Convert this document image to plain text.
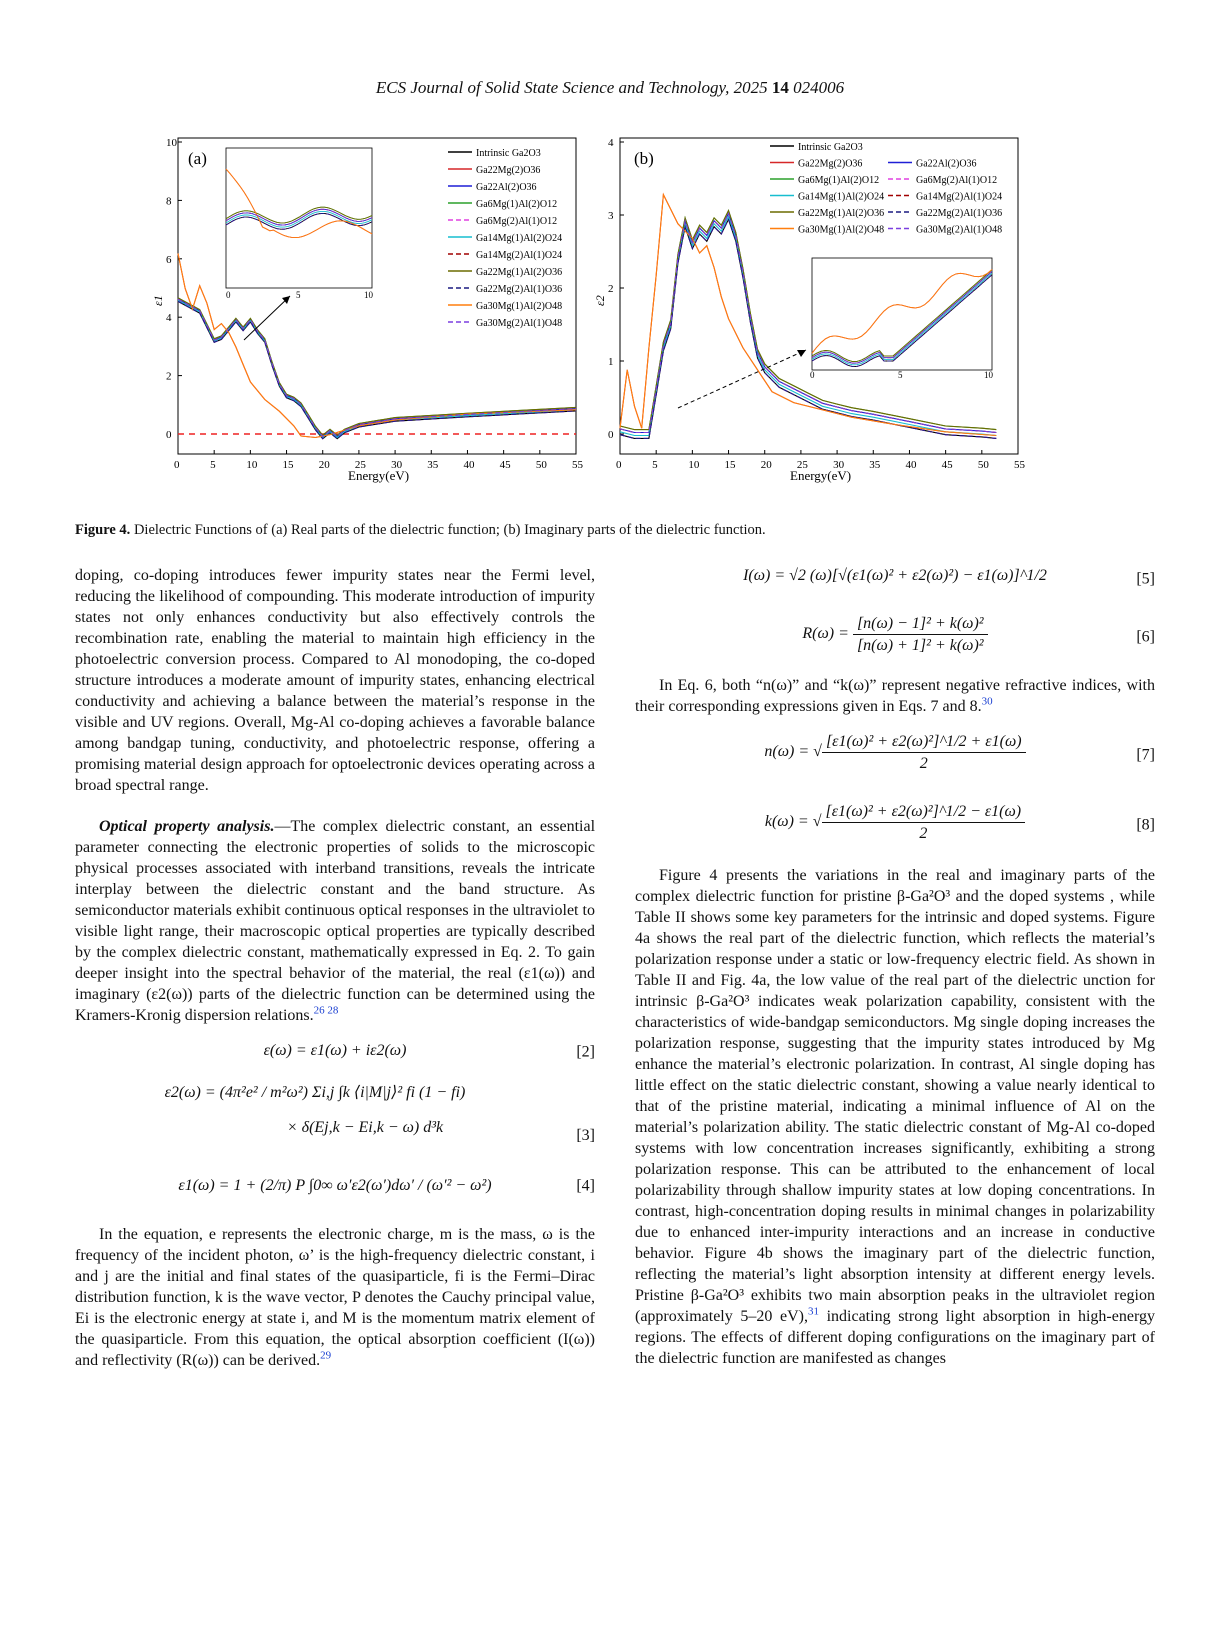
ECS Journal of Solid State Science and Technology, 2025 14 024006
(a)
0
2
4
6
8
10
0	5	10 15 20 25 30 35 40 45 50 55
0	5	10
Intrinsic Ga2O3
Ga22Mg(2)O36
Ga22Al(2)O36
Ga6Mg(1)Al(2)O12
Ga6Mg(2)Al(1)O12
Ga14Mg(1)Al(2)O24
Ga14Mg(2)Al(1)O24
Ga22Mg(1)Al(2)O36
Ga22Mg(2)Al(1)O36
Ga30Mg(1)Al(2)O48
Ga30Mg(2)Al(1)O48
ε1
Energy(eV)
(b)
0
1
2
3
4
0	5	10 15 20 25 30 35 40 45 50 55
0	5	10
Intrinsic Ga2O3
Ga22Mg(2)O36	Ga22Al(2)O36
Ga6Mg(1)Al(2)O12	Ga6Mg(2)Al(1)O12
Ga14Mg(1)Al(2)O24	Ga14Mg(2)Al(1)O24
Ga22Mg(1)Al(2)O36	Ga22Mg(2)Al(1)O36
Ga30Mg(1)Al(2)O48	Ga30Mg(2)Al(1)O48
ε2
Energy(eV)
Figure 4. Dielectric Functions of (a) Real parts of the dielectric function; (b) Imaginary parts of the dielectric function.

doping, co-doping introduces fewer impurity states near the Fermi level, reducing the likelihood of compounding. This moderate introduction of impurity states not only enhances conductivity but also effectively controls the recombination rate, enabling the material to maintain high efficiency in the photoelectric conversion process. Compared to Al monodoping, the co-doped structure introduces a moderate amount of impurity states, enhancing electrical conductivity and achieving a balance between the material’s response in the visible and UV regions. Overall, Mg-Al co-doping achieves a favorable balance among bandgap tuning, conductivity, and photoelectric response, offering a promising material design approach for optoelectronic devices operating across a broad spectral range.

Optical property analysis.—The complex dielectric constant, an essential parameter connecting the electronic properties of solids to the microscopic physical processes associated with interband transitions, reveals the intricate interplay between the dielectric constant and the band structure. As semiconductor materials exhibit continuous optical responses in the ultraviolet to visible light range, their macroscopic optical properties are typically described by the complex dielectric constant, mathematically expressed in Eq. 2. To gain deeper insight into the spectral behavior of the material, the real (ε1(ω)) and imaginary (ε2(ω)) parts of the dielectric function can be determined using the Kramers-Kronig dispersion relations.$^{26 28}$

ε(ω) = ε1(ω) + iε2(ω)	[2]
ε2(ω) = (4π²e² / m²ω²) Σi,j ∫k ⟨i|M|j⟩² fi (1 − fi)
× δ(Ej,k − Ei,k − ω) d³k	[3]
ε1(ω) = 1 + (2/π) P ∫0∞ ω′ε2(ω′)dω′ / (ω′² − ω²)	[4]

In the equation, e represents the electronic charge, m is the mass, ω is the frequency of the incident photon, ω’ is the high-frequency dielectric constant, i and j are the initial and final states of the quasiparticle, fi is the Fermi–Dirac distribution function, k is the wave vector, P denotes the Cauchy principal value, Ei is the electronic energy at state i, and M is the momentum matrix element of the quasiparticle. From this equation, the optical absorption coefficient (I(ω)) and reflectivity (R(ω)) can be derived.$^{29}$

I(ω) = √2 (ω)[√(ε1(ω)² + ε2(ω)²) − ε1(ω)]^1/2	[5]
$R(\omega) = \frac{\text{[n(ω) − 1]² + k(ω)²}}{\text{[n(ω) + 1]² + k(ω)²}}$	[6]

In Eq. 6, both “n(ω)” and “k(ω)” represent negative refractive indices, with their corresponding expressions given in Eqs. 7 and 8.30

n(ω) = √ $\frac{\text{[ε1(ω)² + ε2(ω)²]\textasciicircum{}1/2 + ε1(ω)}}{2}$	[7]
k(ω) = √ $\frac{\text{[ε1(ω)² + ε2(ω)²]\textasciicircum{}1/2 − ε1(ω)}}{2}$	[8]

Figure 4 presents the variations in the real and imaginary parts of the complex dielectric function for pristine β-Ga²O³ and the doped systems , while Table II shows some key parameters for the intrinsic and doped systems. Figure 4a shows the real part of the dielectric function, which reflects the material’s polarization response under a static or low-frequency electric field. As shown in Table II and Fig. 4a, the low value of the real part of the dielectric unction for intrinsic β-Ga²O³ indicates weak polarization capability, consistent with the characteristics of wide-bandgap semiconductors. Mg single doping increases the polarization response, suggesting that the impurity states introduced by Mg enhance the material’s electronic polarization. In contrast, Al single doping has little effect on the static dielectric constant, showing a value nearly identical to that of the pristine material, indicating a minimal influence of Al on the material’s polarization ability. The static dielectric constant of Mg-Al co-doped systems with low concentration increases significantly, exhibiting a strong polarization response. This can be attributed to the enhancement of local polarizability through shallow impurity states at low doping concentrations. In contrast, high-concentration doping results in minimal changes in polarizability due to enhanced inter-impurity interactions and an increase in conductive behavior. Figure 4b shows the imaginary part of the dielectric function, reflecting the material’s light absorption intensity at different energy levels. Pristine β-Ga²O³ exhibits two main absorption peaks in the ultraviolet region (approximately 5–20 eV),$^{31}$ indicating strong light absorption in high-energy regions. The effects of different doping configurations on the imaginary part of the dielectric function are manifested as changes
